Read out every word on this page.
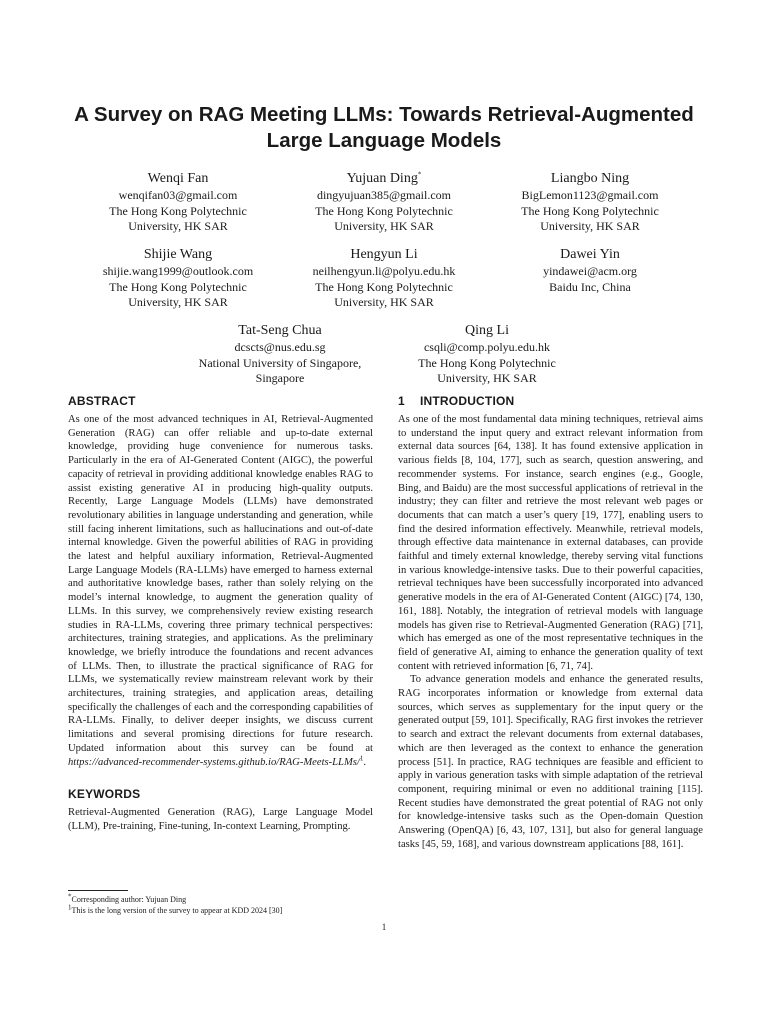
A Survey on RAG Meeting LLMs: Towards Retrieval-Augmented
Large Language Models
Wenqi Fan
wenqifan03@gmail.com
The Hong Kong Polytechnic
University, HK SAR
Yujuan Ding*
dingyujuan385@gmail.com
The Hong Kong Polytechnic
University, HK SAR
Liangbo Ning
BigLemon1123@gmail.com
The Hong Kong Polytechnic
University, HK SAR
Shijie Wang
shijie.wang1999@outlook.com
The Hong Kong Polytechnic
University, HK SAR
Hengyun Li
neilhengyun.li@polyu.edu.hk
The Hong Kong Polytechnic
University, HK SAR
Dawei Yin
yindawei@acm.org
Baidu Inc, China
Tat-Seng Chua
dcscts@nus.edu.sg
National University of Singapore,
Singapore
Qing Li
csqli@comp.polyu.edu.hk
The Hong Kong Polytechnic
University, HK SAR
ABSTRACT
As one of the most advanced techniques in AI, Retrieval-Augmented Generation (RAG) can offer reliable and up-to-date external knowledge, providing huge convenience for numerous tasks. Particularly in the era of AI-Generated Content (AIGC), the powerful capacity of retrieval in providing additional knowledge enables RAG to assist existing generative AI in producing high-quality outputs. Recently, Large Language Models (LLMs) have demonstrated revolutionary abilities in language understanding and generation, while still facing inherent limitations, such as hallucinations and out-of-date internal knowledge. Given the powerful abilities of RAG in providing the latest and helpful auxiliary information, Retrieval-Augmented Large Language Models (RA-LLMs) have emerged to harness external and authoritative knowledge bases, rather than solely relying on the model’s internal knowledge, to augment the generation quality of LLMs. In this survey, we comprehensively review existing research studies in RA-LLMs, covering three primary technical perspectives: architectures, training strategies, and applications. As the preliminary knowledge, we briefly introduce the foundations and recent advances of LLMs. Then, to illustrate the practical significance of RAG for LLMs, we systematically review mainstream relevant work by their architectures, training strategies, and application areas, detailing specifically the challenges of each and the corresponding capabilities of RA-LLMs. Finally, to deliver deeper insights, we discuss current limitations and several promising directions for future research. Updated information about this survey can be found at https://advanced-recommender-systems.github.io/RAG-Meets-LLMs/$^1$.
KEYWORDS
Retrieval-Augmented Generation (RAG), Large Language Model (LLM), Pre-training, Fine-tuning, In-context Learning, Prompting.
1 INTRODUCTION
As one of the most fundamental data mining techniques, retrieval aims to understand the input query and extract relevant information from external data sources [64, 138]. It has found extensive application in various fields [8, 104, 177], such as search, question answering, and recommender systems. For instance, search engines (e.g., Google, Bing, and Baidu) are the most successful applications of retrieval in the industry; they can filter and retrieve the most relevant web pages or documents that can match a user’s query [19, 177], enabling users to find the desired information effectively. Meanwhile, retrieval models, through effective data maintenance in external databases, can provide faithful and timely external knowledge, thereby serving vital functions in various knowledge-intensive tasks. Due to their powerful capacities, retrieval techniques have been successfully incorporated into advanced generative models in the era of AI-Generated Content (AIGC) [74, 130, 161, 188]. Notably, the integration of retrieval models with language models has given rise to Retrieval-Augmented Generation (RAG) [71], which has emerged as one of the most representative techniques in the field of generative AI, aiming to enhance the generation quality of text content with retrieved information [6, 71, 74].
To advance generation models and enhance the generated results, RAG incorporates information or knowledge from external data sources, which serves as supplementary for the input query or the generated output [59, 101]. Specifically, RAG first invokes the retriever to search and extract the relevant documents from external databases, which are then leveraged as the context to enhance the generation process [51]. In practice, RAG techniques are feasible and efficient to apply in various generation tasks with simple adaptation of the retrieval component, requiring minimal or even no additional training [115]. Recent studies have demonstrated the great potential of RAG not only for knowledge-intensive tasks such as the Open-domain Question Answering (OpenQA) [6, 43, 107, 131], but also for general language tasks [45, 59, 168], and various downstream applications [88, 161].
*Corresponding author: Yujuan Ding
1This is the long version of the survey to appear at KDD 2024 [30]
1
